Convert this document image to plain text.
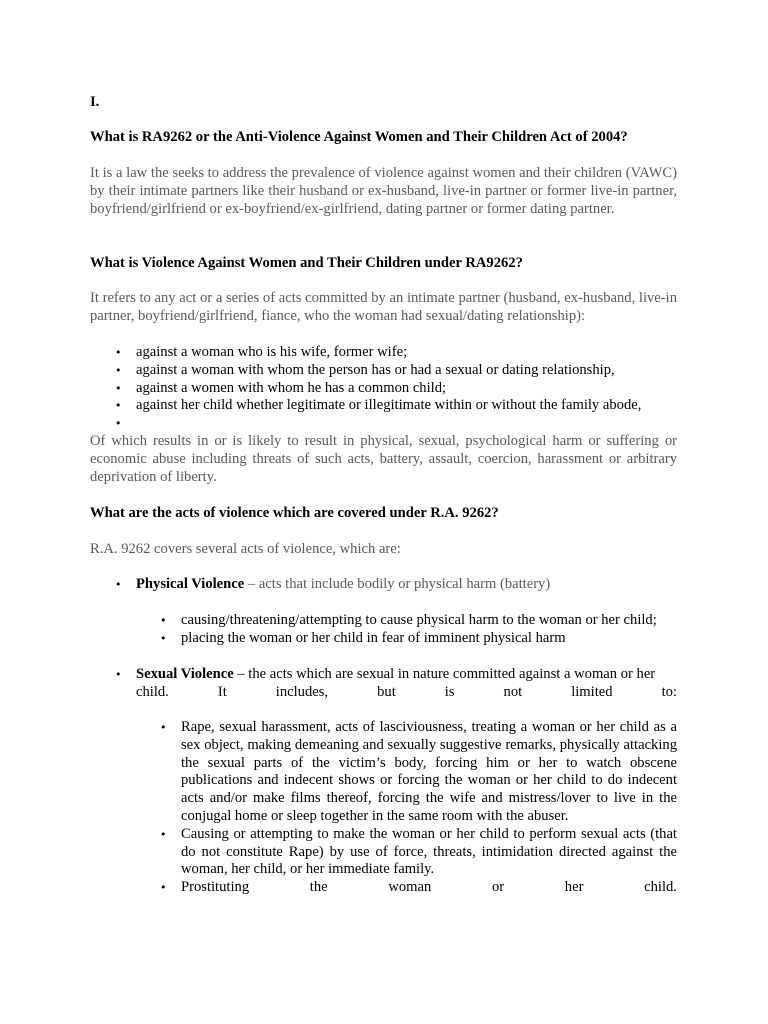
I.

What is RA9262 or the Anti-Violence Against Women and Their Children Act of 2004?

It is a law the seeks to address the prevalence of violence against women and their children (VAWC) by their intimate partners like their husband or ex-husband, live-in partner or former live-in partner, boyfriend/girlfriend or ex-boyfriend/ex-girlfriend, dating partner or former dating partner.

What is Violence Against Women and Their Children under RA9262?

It refers to any act or a series of acts committed by an intimate partner (husband, ex-husband, live-in partner, boyfriend/girlfriend, fiance, who the woman had sexual/dating relationship):

• against a woman who is his wife, former wife;
• against a woman with whom the person has or had a sexual or dating relationship,
• against a women with whom he has a common child;
• against her child whether legitimate or illegitimate within or without the family abode,
•

Of which results in or is likely to result in physical, sexual, psychological harm or suffering or economic abuse including threats of such acts, battery, assault, coercion, harassment or arbitrary deprivation of liberty.

What are the acts of violence which are covered under R.A. 9262?

R.A. 9262 covers several acts of violence, which are:

• Physical Violence – acts that include bodily or physical harm (battery)
• causing/threatening/attempting to cause physical harm to the woman or her child;
• placing the woman or her child in fear of imminent physical harm
• Sexual Violence – the acts which are sexual in nature committed against a woman or her
child.	It	includes,	but	is	not	limited	to:
• Rape, sexual harassment, acts of lasciviousness, treating a woman or her child as a sex object, making demeaning and sexually suggestive remarks, physically attacking the sexual parts of the victim’s body, forcing him or her to watch obscene publications and indecent shows or forcing the woman or her child to do indecent acts and/or make films thereof, forcing the wife and mistress/lover to live in the conjugal home or sleep together in the same room with the abuser.
• Causing or attempting to make the woman or her child to perform sexual acts (that do not constitute Rape) by use of force, threats, intimidation directed against the woman, her child, or her immediate family.
• Prostituting	the	woman	or	her	child.
